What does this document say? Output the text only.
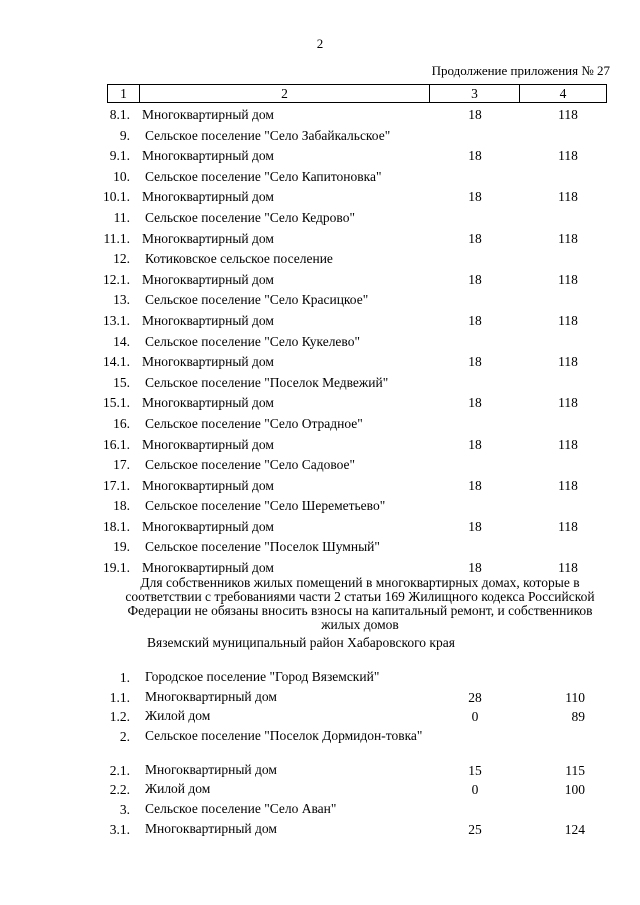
2
Продолжение приложения № 27
1	2	3	4
8.1. Многоквартирный дом	18	118
9. Сельское поселение "Село Забайкальское"
9.1. Многоквартирный дом	18	118
10. Сельское поселение "Село Капитоновка"
10.1. Многоквартирный дом	18	118
11. Сельское поселение "Село Кедрово"
11.1. Многоквартирный дом	18	118
12. Котиковское сельское поселение
12.1. Многоквартирный дом	18	118
13. Сельское поселение "Село Красицкое"
13.1. Многоквартирный дом	18	118
14. Сельское поселение "Село Кукелево"
14.1. Многоквартирный дом	18	118
15. Сельское поселение "Поселок Медвежий"
15.1. Многоквартирный дом	18	118
16. Сельское поселение "Село Отрадное"
16.1. Многоквартирный дом	18	118
17. Сельское поселение "Село Садовое"
17.1. Многоквартирный дом	18	118
18. Сельское поселение "Село Шереметьево"
18.1. Многоквартирный дом	18	118
19. Сельское поселение "Поселок Шумный"
19.1. Многоквартирный дом	18	118
Для собственников жилых помещений в многоквартирных домах, которые в соответствии с требованиями части 2 статьи 169 Жилищного кодекса Российской Федерации не обязаны вносить взносы на капитальный ремонт, и собственников жилых домов
Вяземский муниципальный район Хабаровского края
1. Городское поселение "Город Вяземский"
1.1. Многоквартирный дом	28	110
1.2. Жилой дом	0	89
2. Сельское поселение "Поселок Дормидон-товка"
2.1. Многоквартирный дом	15	115
2.2. Жилой дом	0	100
3. Сельское поселение "Село Аван"
3.1. Многоквартирный дом	25	124
